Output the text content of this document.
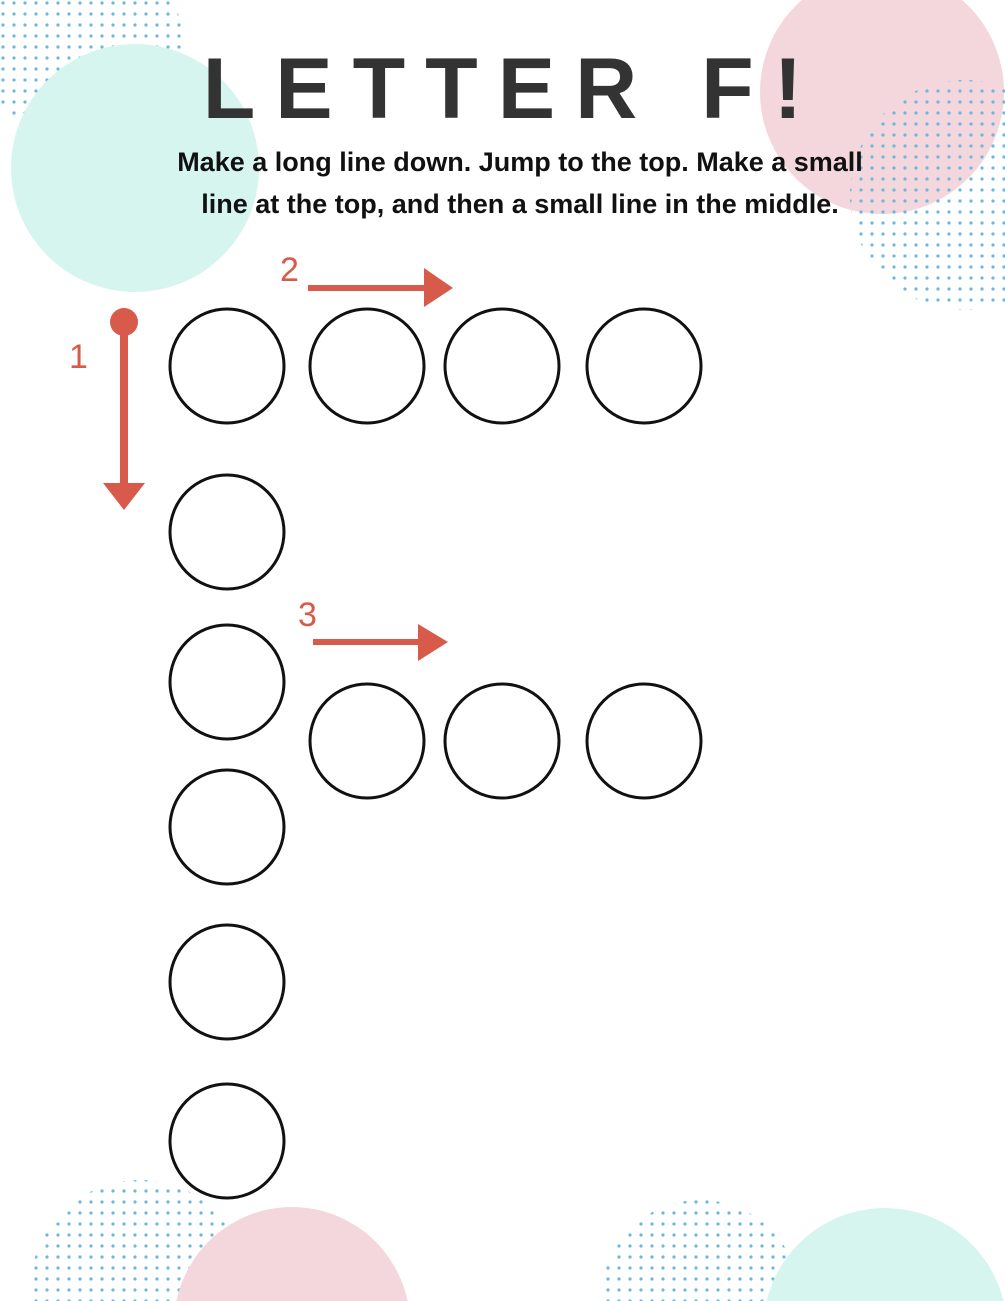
LETTER F!

Make a long line down. Jump to the top. Make a small line at the top, and then a small line in the middle.

1
2
3
